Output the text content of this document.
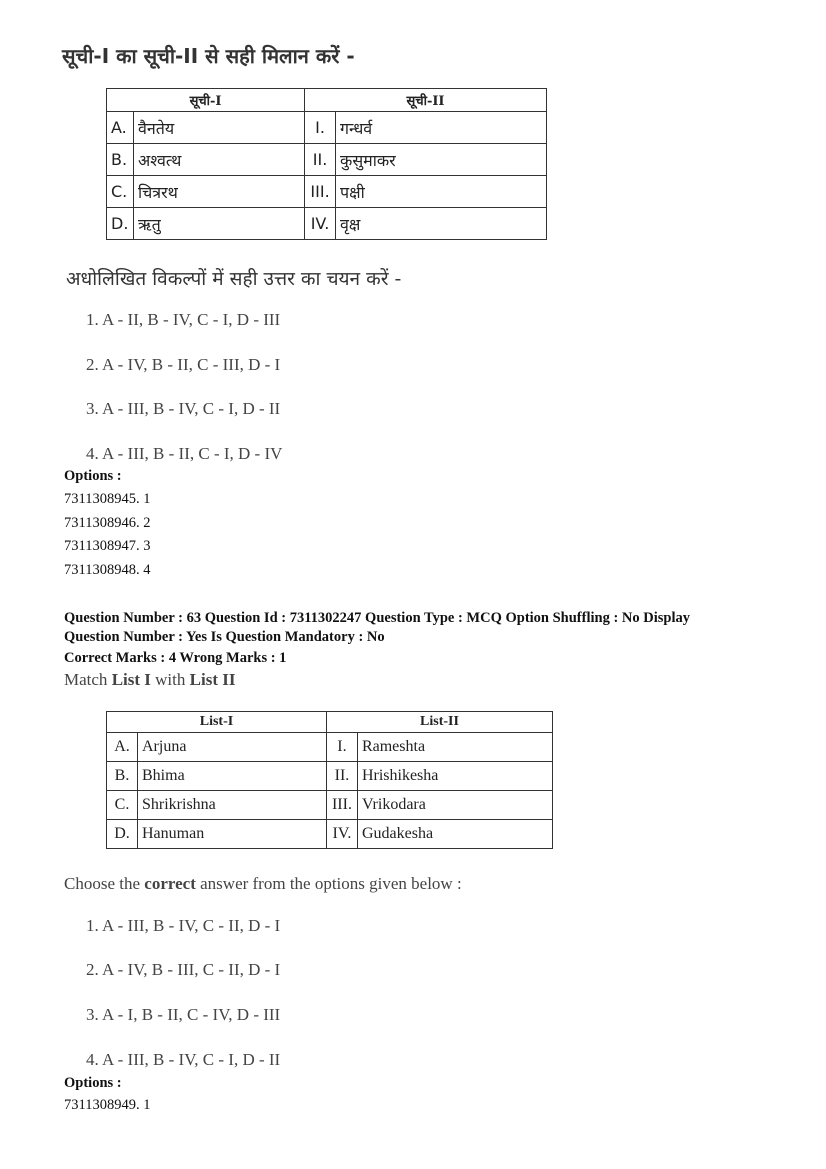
सूची-I का सूची-II से सही मिलान करें -
सूची-I		सूची-II	
A.	वैनतेय	I.	गन्धर्व
B.	अश्वत्थ	II.	कुसुमाकर
C.	चित्ररथ	III.	पक्षी
D.	ऋतु	IV.	वृक्ष
अधोलिखित विकल्पों में सही उत्तर का चयन करें -
1. A - II, B - IV, C - I, D - III
2. A - IV, B - II, C - III, D - I
3. A - III, B - IV, C - I, D - II
4. A - III, B - II, C - I, D - IV
Options :
7311308945. 1
7311308946. 2
7311308947. 3
7311308948. 4
Question Number : 63 Question Id : 7311302247 Question Type : MCQ Option Shuffling : No Display
Question Number : Yes Is Question Mandatory : No
Correct Marks : 4 Wrong Marks : 1
Match List I with List II
List-I		List-II	
A.	Arjuna	I.	Rameshta
B.	Bhima	II.	Hrishikesha
C.	Shrikrishna	III.	Vrikodara
D.	Hanuman	IV.	Gudakesha
Choose the correct answer from the options given below :
1. A - III, B - IV, C - II, D - I
2. A - IV, B - III, C - II, D - I
3. A - I, B - II, C - IV, D - III
4. A - III, B - IV, C - I, D - II
Options :
7311308949. 1
